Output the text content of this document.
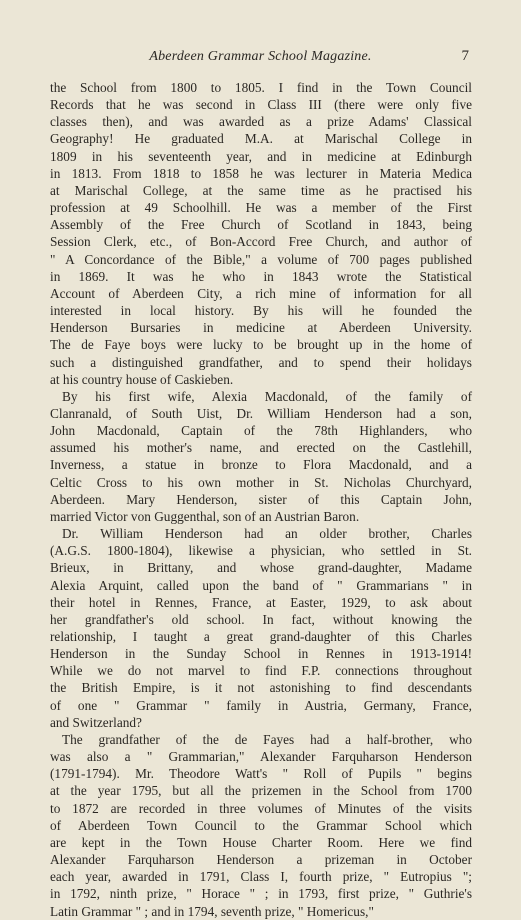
Aberdeen Grammar School Magazine.	7

the School from 1800 to 1805. I find in the Town Council
Records that he was second in Class III (there were only five
classes then), and was awarded as a prize Adams' Classical
Geography! He graduated M.A. at Marischal College in
1809 in his seventeenth year, and in medicine at Edinburgh
in 1813. From 1818 to 1858 he was lecturer in Materia Medica
at Marischal College, at the same time as he practised his
profession at 49 Schoolhill. He was a member of the First
Assembly of the Free Church of Scotland in 1843, being
Session Clerk, etc., of Bon-Accord Free Church, and author of
" A Concordance of the Bible," a volume of 700 pages published
in 1869. It was he who in 1843 wrote the Statistical
Account of Aberdeen City, a rich mine of information for all
interested in local history. By his will he founded the
Henderson Bursaries in medicine at Aberdeen University.
The de Faye boys were lucky to be brought up in the home of
such a distinguished grandfather, and to spend their holidays
at his country house of Caskieben.

By his first wife, Alexia Macdonald, of the family of
Clanranald, of South Uist, Dr. William Henderson had a son,
John Macdonald, Captain of the 78th Highlanders, who
assumed his mother's name, and erected on the Castlehill,
Inverness, a statue in bronze to Flora Macdonald, and a
Celtic Cross to his own mother in St. Nicholas Churchyard,
Aberdeen. Mary Henderson, sister of this Captain John,
married Victor von Guggenthal, son of an Austrian Baron.

Dr. William Henderson had an older brother, Charles
(A.G.S. 1800-1804), likewise a physician, who settled in St.
Brieux, in Brittany, and whose grand-daughter, Madame
Alexia Arquint, called upon the band of " Grammarians " in
their hotel in Rennes, France, at Easter, 1929, to ask about
her grandfather's old school. In fact, without knowing the
relationship, I taught a great grand-daughter of this Charles
Henderson in the Sunday School in Rennes in 1913-1914!
While we do not marvel to find F.P. connections throughout
the British Empire, is it not astonishing to find descendants
of one " Grammar " family in Austria, Germany, France,
and Switzerland?

The grandfather of the de Fayes had a half-brother, who
was also a " Grammarian," Alexander Farquharson Henderson
(1791-1794). Mr. Theodore Watt's " Roll of Pupils " begins
at the year 1795, but all the prizemen in the School from 1700
to 1872 are recorded in three volumes of Minutes of the visits
of Aberdeen Town Council to the Grammar School which
are kept in the Town House Charter Room. Here we find
Alexander Farquharson Henderson a prizeman in October
each year, awarded in 1791, Class I, fourth prize, " Eutropius ";
in 1792, ninth prize, " Horace " ; in 1793, first prize, " Guthrie's
Latin Grammar " ; and in 1794, seventh prize, " Homericus,"
